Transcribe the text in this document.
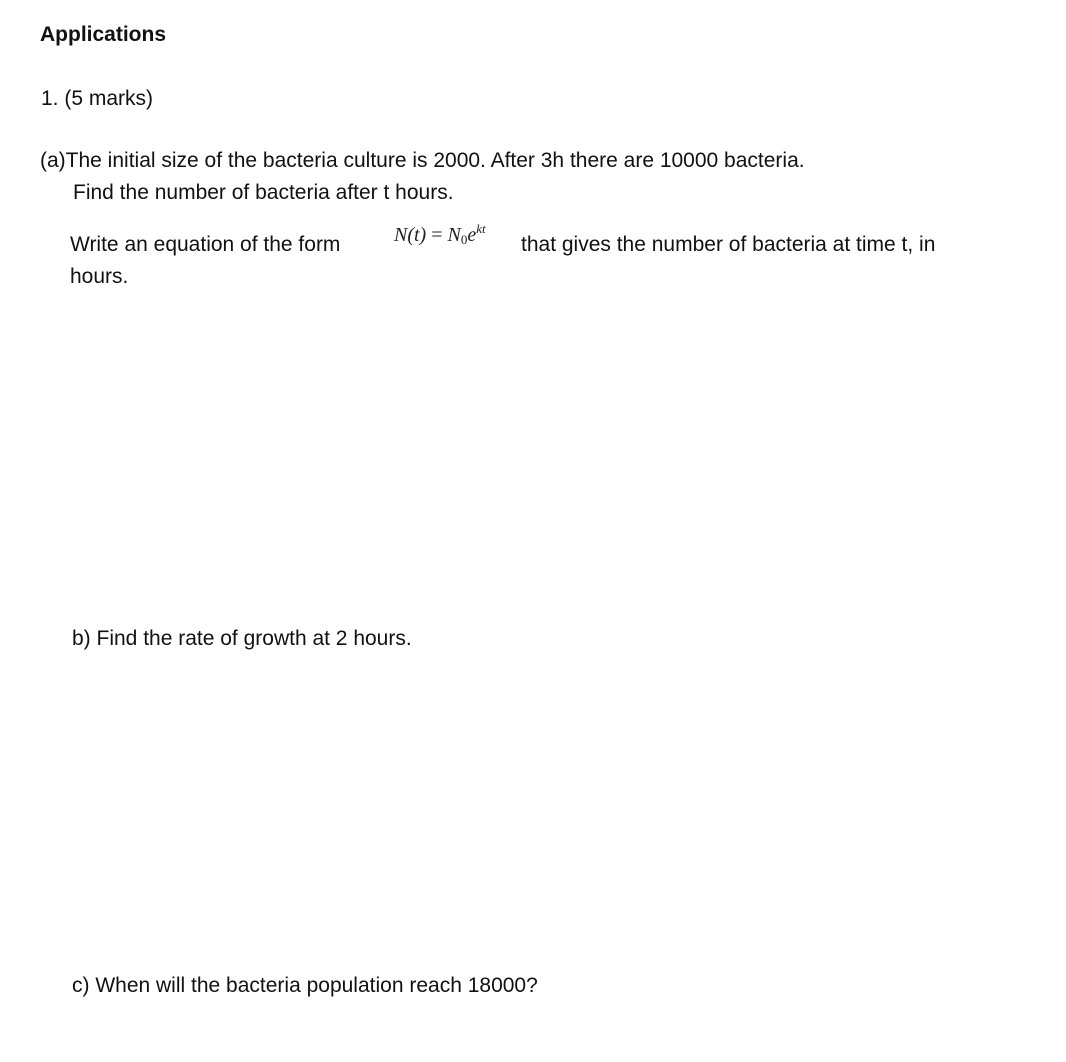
Applications

1. (5 marks)

(a)The initial size of the bacteria culture is 2000. After 3h there are 10000 bacteria.

Find the number of bacteria after t hours.

Write an equation of the form	$N(t) = N_0e^{kt}$

that gives the number of bacteria at time t, in

hours.

b) Find the rate of growth at 2 hours.

c) When will the bacteria population reach 18000?
